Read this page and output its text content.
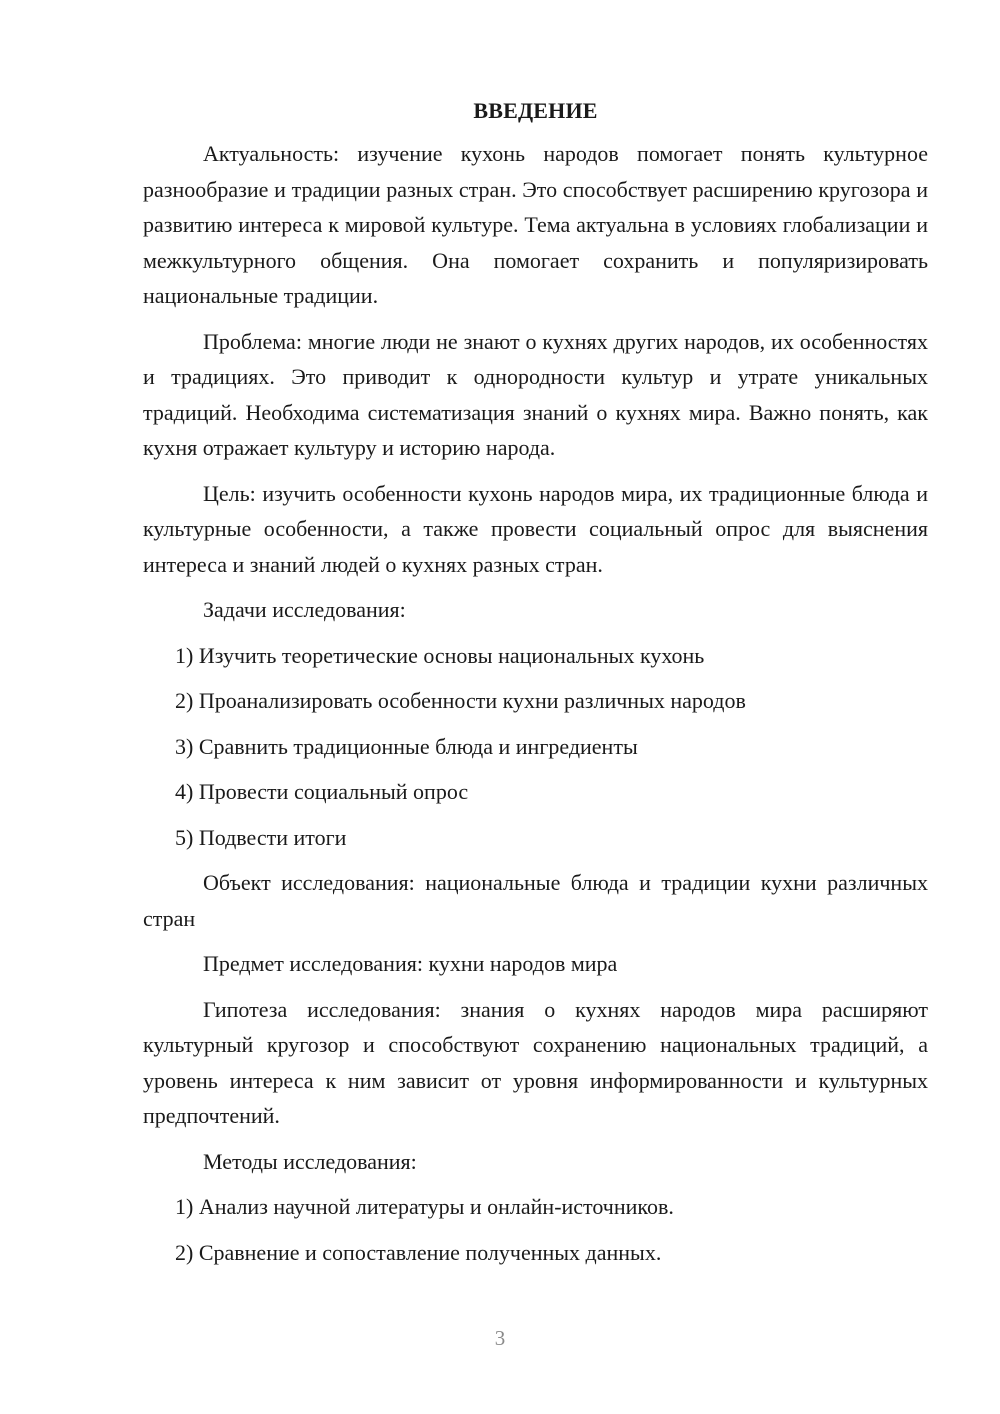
ВВЕДЕНИЕ

Актуальность: изучение кухонь народов помогает понять культурное разнообразие и традиции разных стран. Это способствует расширению кругозора и развитию интереса к мировой культуре. Тема актуальна в условиях глобализации и межкультурного общения. Она помогает сохранить и популяризировать национальные традиции.

Проблема: многие люди не знают о кухнях других народов, их особенностях и традициях. Это приводит к однородности культур и утрате уникальных традиций. Необходима систематизация знаний о кухнях мира. Важно понять, как кухня отражает культуру и историю народа.

Цель: изучить особенности кухонь народов мира, их традиционные блюда и культурные особенности, а также провести социальный опрос для выяснения интереса и знаний людей о кухнях разных стран.

Задачи исследования:

1) Изучить теоретические основы национальных кухонь
2) Проанализировать особенности кухни различных народов
3) Сравнить традиционные блюда и ингредиенты
4) Провести социальный опрос
5) Подвести итоги

Объект исследования: национальные блюда и традиции кухни различных стран

Предмет исследования: кухни народов мира

Гипотеза исследования: знания о кухнях народов мира расширяют культурный кругозор и способствуют сохранению национальных традиций, а уровень интереса к ним зависит от уровня информированности и культурных предпочтений.

Методы исследования:

1) Анализ научной литературы и онлайн-источников.
2) Сравнение и сопоставление полученных данных.
3
